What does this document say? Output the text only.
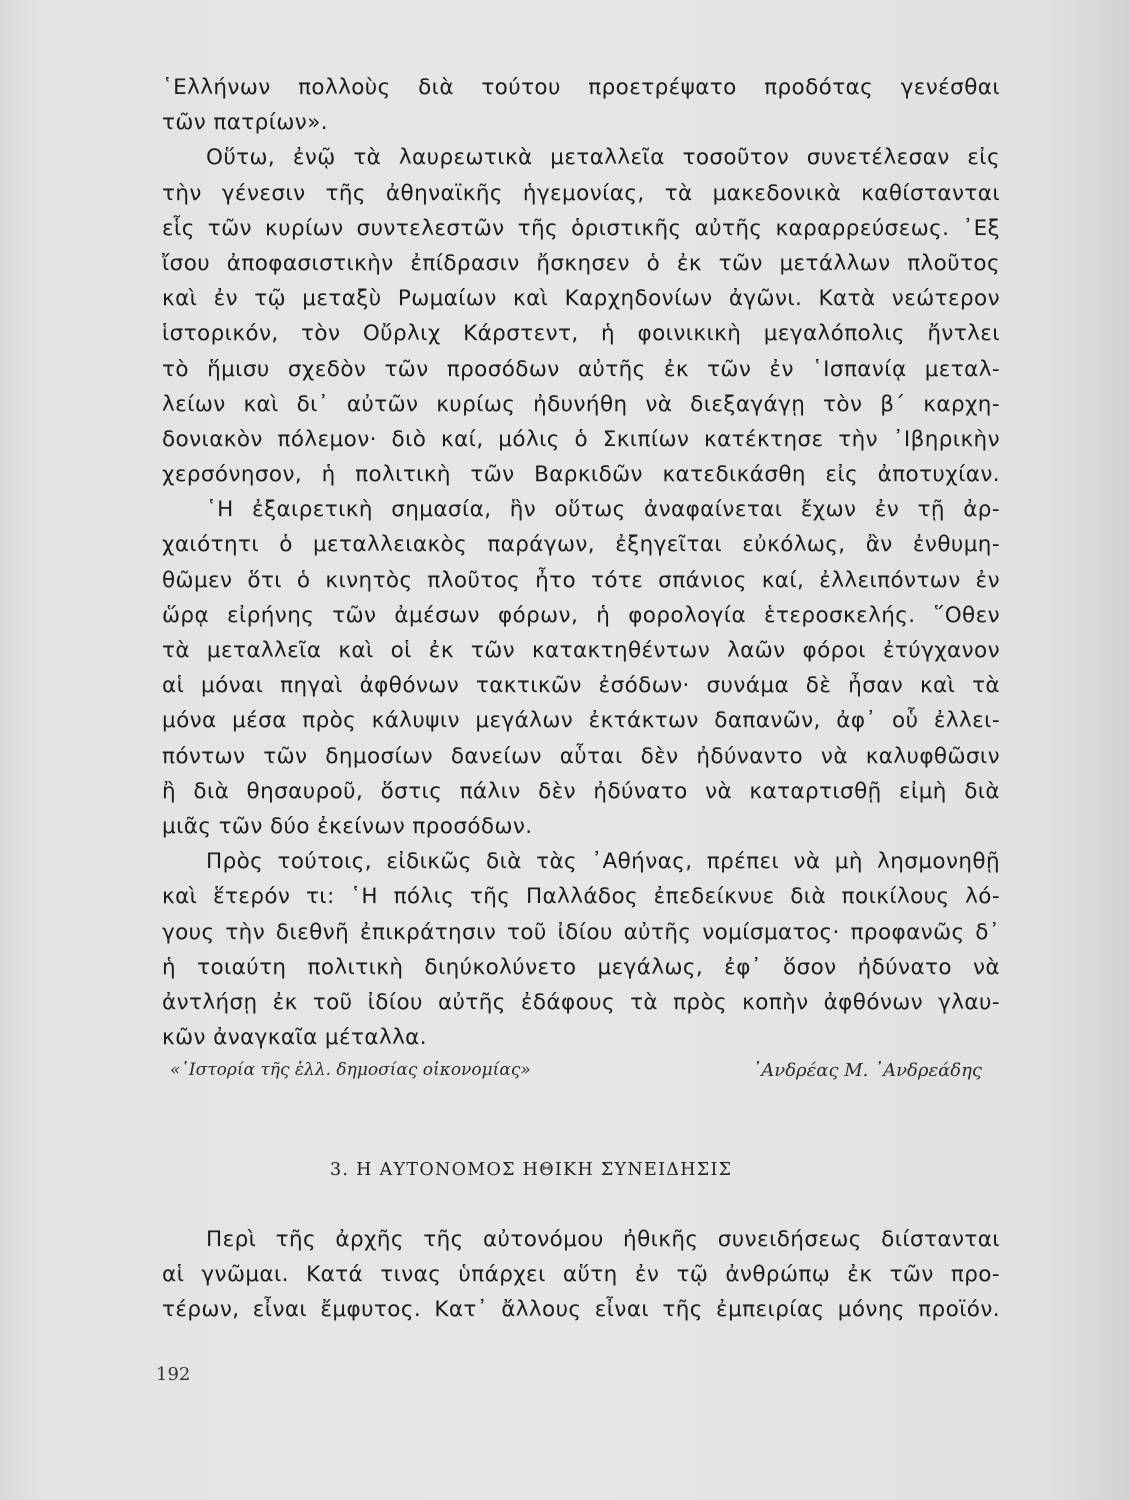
῾Ελλήνων πολλοὺς διὰ τούτου προετρέψατο προδότας γενέσθαι
τῶν πατρίων».
Οὕτω, ἐνῷ τὰ λαυρεωτικὰ μεταλλεῖα τοσοῦτον συνετέλεσαν εἰς
τὴν γένεσιν τῆς ἀθηναϊκῆς ἡγεμονίας, τὰ μακεδονικὰ καθίστανται
εἷς τῶν κυρίων συντελεστῶν τῆς ὁριστικῆς αὐτῆς καραρρεύσεως. ᾿Εξ
ἴσου ἀποφασιστικὴν ἐπίδρασιν ἤσκησεν ὁ ἐκ τῶν μετάλλων πλοῦτος
καὶ ἐν τῷ μεταξὺ Ρωμαίων καὶ Καρχηδονίων ἀγῶνι. Κατὰ νεώτερον
ἱστορικόν, τὸν Οὔρλιχ Κάρστεντ, ἡ φοινικικὴ μεγαλόπολις ἤντλει
τὸ ἥμισυ σχεδὸν τῶν προσόδων αὐτῆς ἐκ τῶν ἐν ῾Ισπανίᾳ μεταλ-
λείων καὶ δι᾿ αὐτῶν κυρίως ἠδυνήθη νὰ διεξαγάγῃ τὸν β΄ καρχη-
δονιακὸν πόλεμον· διὸ καί, μόλις ὁ Σκιπίων κατέκτησε τὴν ᾿Ιβηρικὴν
χερσόνησον, ἡ πολιτικὴ τῶν Βαρκιδῶν κατεδικάσθη εἰς ἀποτυχίαν.
῾Η ἐξαιρετικὴ σημασία, ἣν οὕτως ἀναφαίνεται ἔχων ἐν τῇ ἀρ-
χαιότητι ὁ μεταλλειακὸς παράγων, ἐξηγεῖται εὐκόλως, ἂν ἐνθυμη-
θῶμεν ὅτι ὁ κινητὸς πλοῦτος ἦτο τότε σπάνιος καί, ἐλλειπόντων ἐν
ὥρᾳ εἰρήνης τῶν ἀμέσων φόρων, ἡ φορολογία ἑτεροσκελής. ῞Οθεν
τὰ μεταλλεῖα καὶ οἱ ἐκ τῶν κατακτηθέντων λαῶν φόροι ἐτύγχανον
αἱ μόναι πηγαὶ ἀφθόνων τακτικῶν ἐσόδων· συνάμα δὲ ἦσαν καὶ τὰ
μόνα μέσα πρὸς κάλυψιν μεγάλων ἐκτάκτων δαπανῶν, ἀφ᾿ οὗ ἐλλει-
πόντων τῶν δημοσίων δανείων αὗται δὲν ἠδύναντο νὰ καλυφθῶσιν
ἢ διὰ θησαυροῦ, ὅστις πάλιν δὲν ἠδύνατο νὰ καταρτισθῇ εἰμὴ διὰ
μιᾶς τῶν δύο ἐκείνων προσόδων.
Πρὸς τούτοις, εἰδικῶς διὰ τὰς ᾿Αθήνας, πρέπει νὰ μὴ λησμονηθῇ
καὶ ἕτερόν τι: ῾Η πόλις τῆς Παλλάδος ἐπεδείκνυε διὰ ποικίλους λό-
γους τὴν διεθνῆ ἐπικράτησιν τοῦ ἰδίου αὐτῆς νομίσματος· προφανῶς δ᾿
ἡ τοιαύτη πολιτικὴ διηύκολύνετο μεγάλως, ἐφ᾿ ὅσον ἠδύνατο νὰ
ἀντλήσῃ ἐκ τοῦ ἰδίου αὐτῆς ἐδάφους τὰ πρὸς κοπὴν ἀφθόνων γλαυ-
κῶν ἀναγκαῖα μέταλλα.
«῾Ιστορία τῆς ἑλλ. δημοσίας οἰκονομίας»	᾿Ανδρέας Μ. ᾿Ανδρεάδης
3. Η ΑΥΤΟΝΟΜΟΣ ΗΘΙΚΗ ΣΥΝΕΙΔΗΣΙΣ
Περὶ τῆς ἀρχῆς τῆς αὐτονόμου ἠθικῆς συνειδήσεως διίστανται
αἱ γνῶμαι. Κατά τινας ὑπάρχει αὕτη ἐν τῷ ἀνθρώπῳ ἐκ τῶν προ-
τέρων, εἶναι ἔμφυτος. Κατ᾿ ἄλλους εἶναι τῆς ἐμπειρίας μόνης προϊόν.
192
